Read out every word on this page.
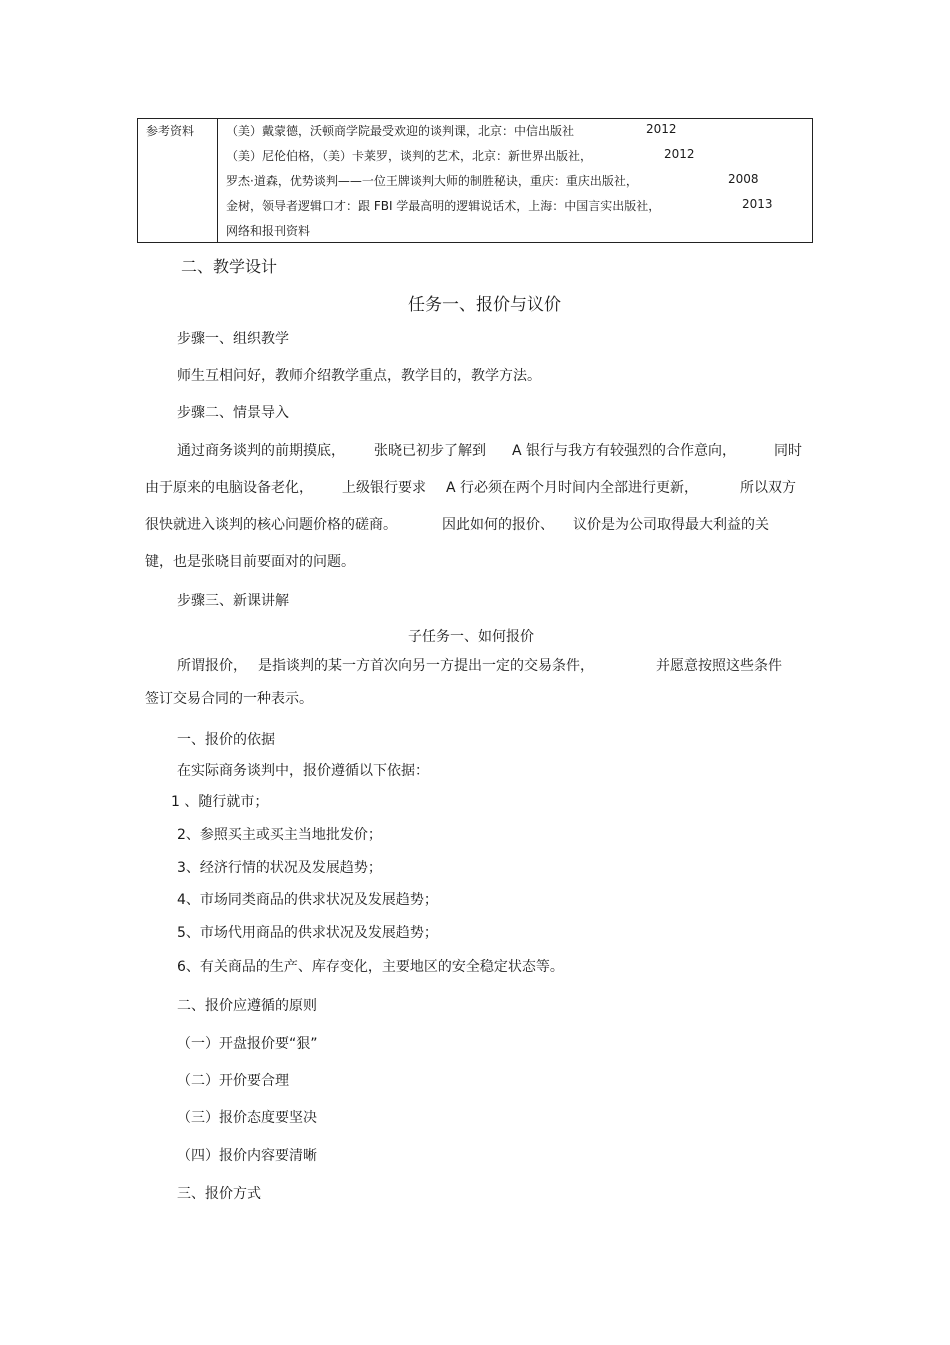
参考资料	（美）戴蒙德，沃顿商学院最受欢迎的谈判课，北京：中信出版社	2012
（美）尼伦伯格，（美）卡莱罗，谈判的艺术，北京：新世界出版社，	2012
罗杰·道森，优势谈判——一位王牌谈判大师的制胜秘诀，重庆：重庆出版社，	2008
金树，领导者逻辑口才：跟 FBI 学最高明的逻辑说话术，上海：中国言实出版社，	2013
网络和报刊资料
二、教学设计
任务一、报价与议价
步骤一、组织教学
师生互相问好，教师介绍教学重点，教学目的，教学方法。
步骤二、情景导入
通过商务谈判的前期摸底， 张晓已初步了解到 A 银行与我方有较强烈的合作意向，	同时
由于原来的电脑设备老化， 上级银行要求 A 行必须在两个月时间内全部进行更新，	所以双方
很快就进入谈判的核心问题价格的磋商。	因此如何的报价、 议价是为公司取得最大利益的关
键，也是张晓目前要面对的问题。
步骤三、新课讲解
子任务一、如何报价
所谓报价， 是指谈判的某一方首次向另一方提出一定的交易条件，	并愿意按照这些条件
签订交易合同的一种表示。
一、报价的依据
在实际商务谈判中，报价遵循以下依据：
1 、随行就市；
2、参照买主或买主当地批发价；
3、经济行情的状况及发展趋势；
4、市场同类商品的供求状况及发展趋势；
5、市场代用商品的供求状况及发展趋势；
6、有关商品的生产、库存变化，主要地区的安全稳定状态等。
二、报价应遵循的原则
（一）开盘报价要“狠”
（二）开价要合理
（三）报价态度要坚决
（四）报价内容要清晰
三、报价方式
